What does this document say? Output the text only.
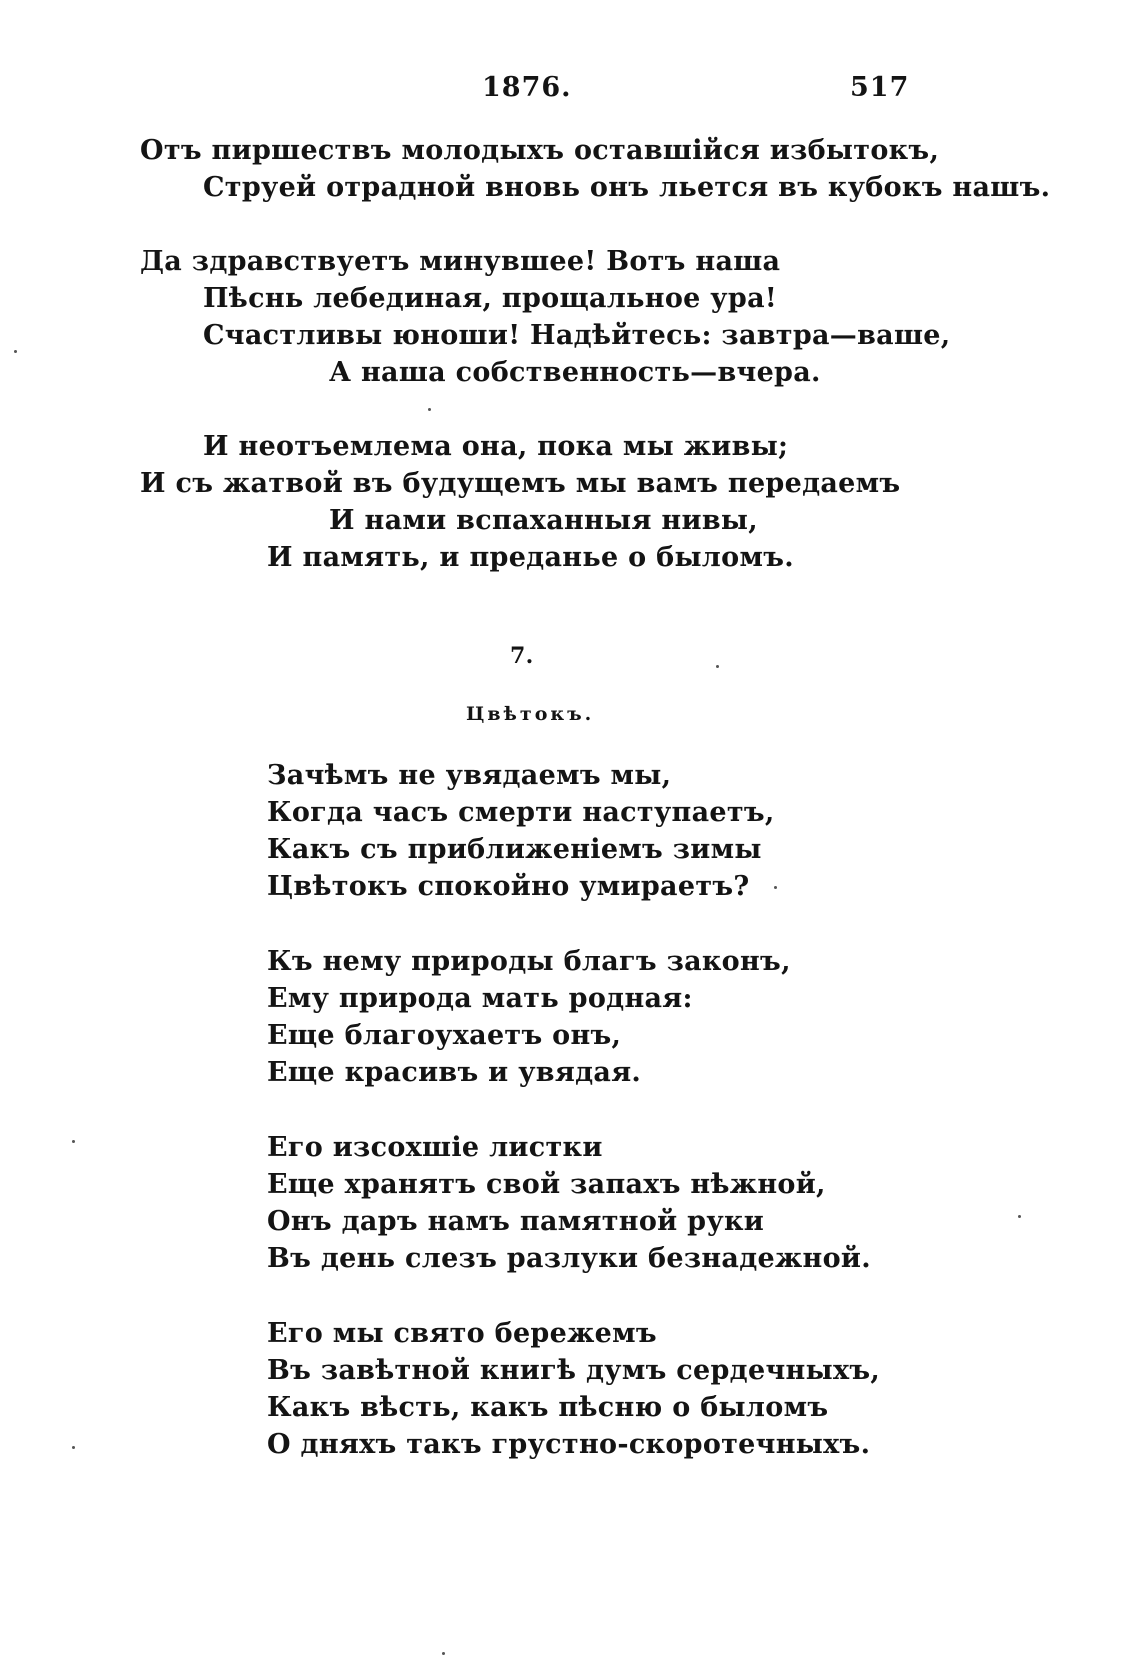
1876.	517
Отъ пиршествъ молодыхъ оставшійся избытокъ,
Струей отрадной вновь онъ льется въ кубокъ нашъ.
Да здравствуетъ минувшее! Вотъ наша
Пѣснь лебединая, прощальное ура!
Счастливы юноши! Надѣйтесь: завтра—ваше,
А наша собственность—вчера.
И неотъемлема она, пока мы живы;
И съ жатвой въ будущемъ мы вамъ передаемъ
И нами вспаханныя нивы,
И память, и преданье о быломъ.
7.
Цвѣтокъ.
Зачѣмъ не увядаемъ мы,
Когда часъ смерти наступаетъ,
Какъ съ приближеніемъ зимы
Цвѣтокъ спокойно умираетъ?
Къ нему природы благъ законъ,
Ему природа мать родная:
Еще благоухаетъ онъ,
Еще красивъ и увядая.
Его изсохшіе листки
Еще хранятъ свой запахъ нѣжной,
Онъ даръ намъ памятной руки
Въ день слезъ разлуки безнадежной.
Его мы свято бережемъ
Въ завѣтной книгѣ думъ сердечныхъ,
Какъ вѣсть, какъ пѣсню о быломъ
О дняхъ такъ грустно-скоротечныхъ.
